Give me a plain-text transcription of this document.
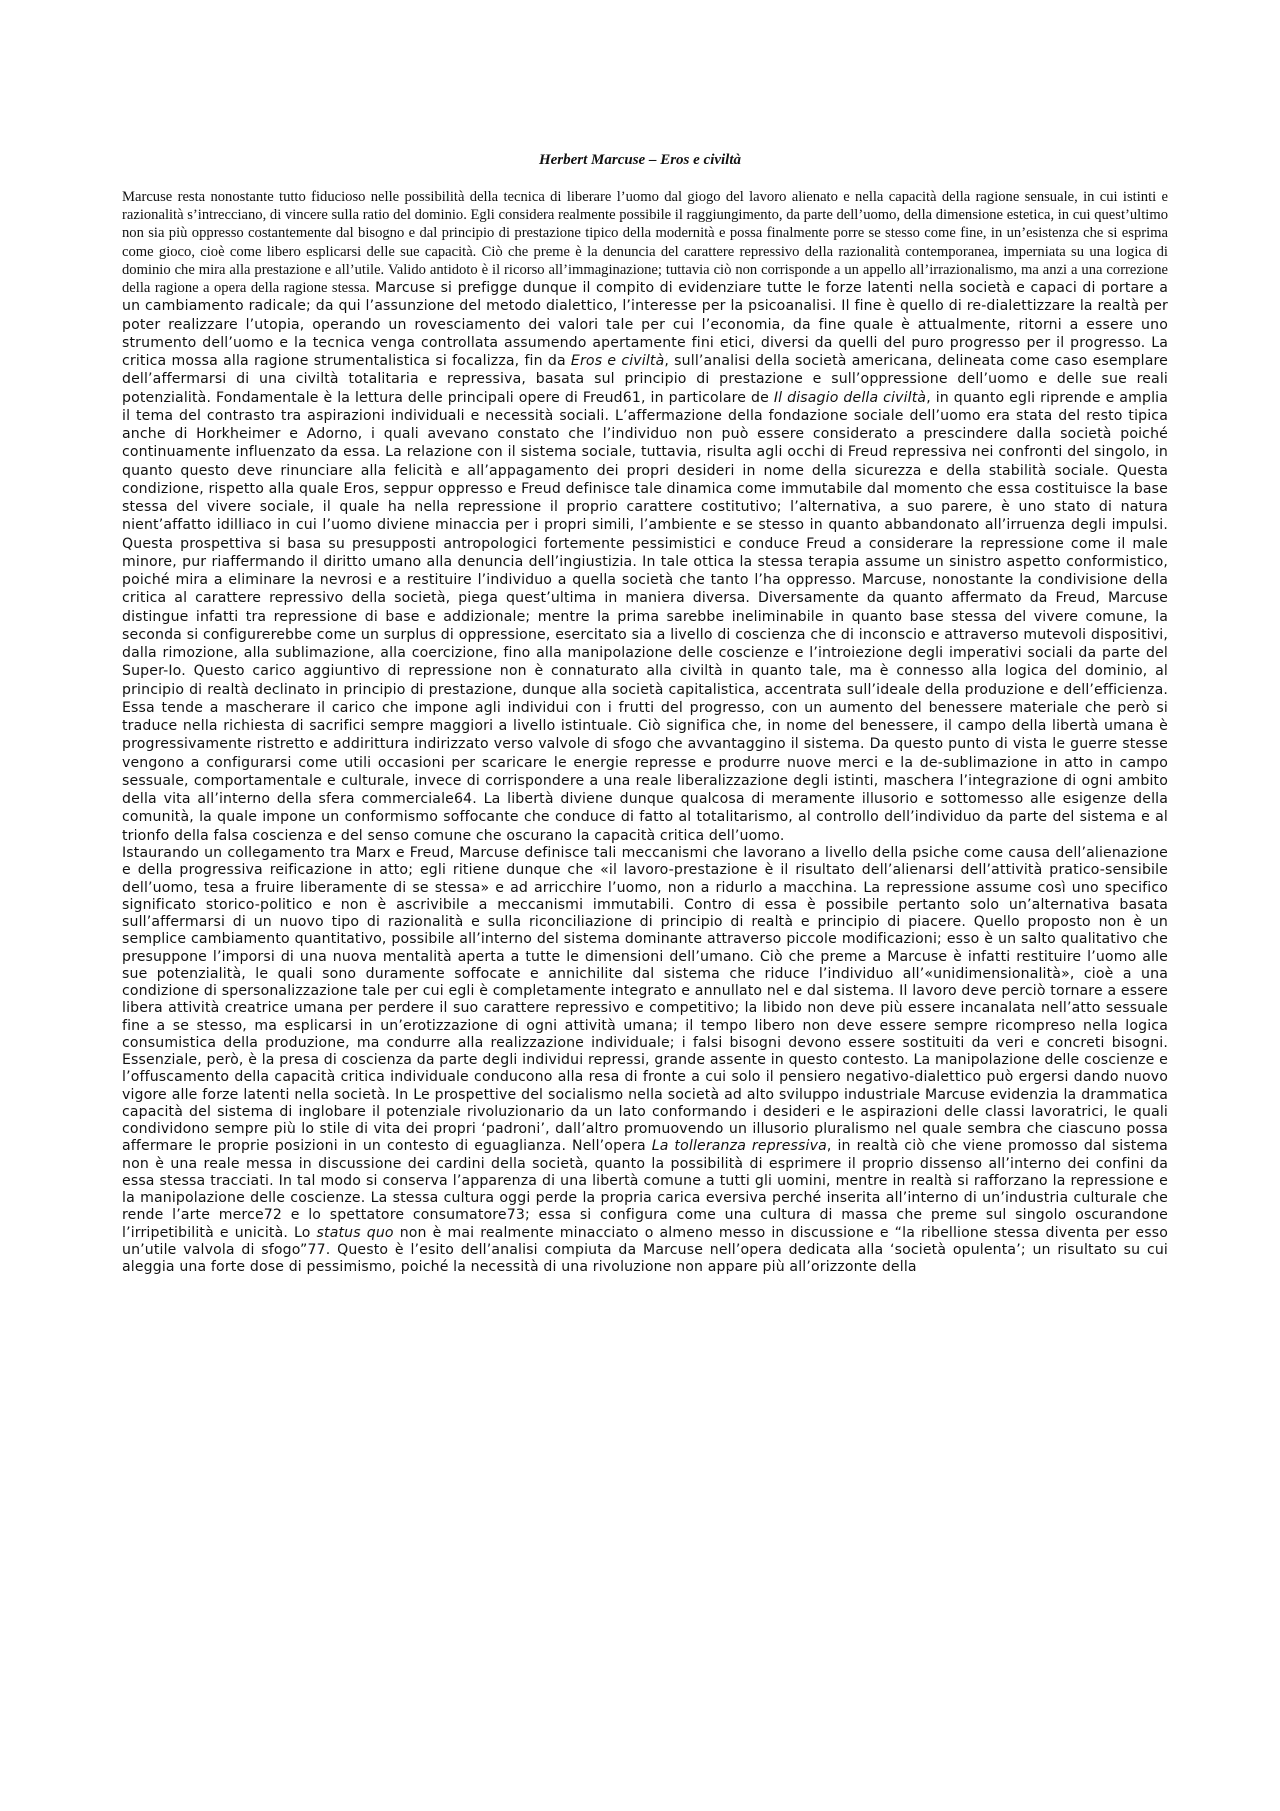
Herbert Marcuse – Eros e civiltà

Marcuse resta nonostante tutto fiducioso nelle possibilità della tecnica di liberare l’uomo dal giogo del lavoro alienato e nella capacità della ragione sensuale, in cui istinti e razionalità s’intrecciano, di vincere sulla ratio del dominio. Egli considera realmente possibile il raggiungimento, da parte dell’uomo, della dimensione estetica, in cui quest’ultimo non sia più oppresso costantemente dal bisogno e dal principio di prestazione tipico della modernità e possa finalmente porre se stesso come fine, in un’esistenza che si esprima come gioco, cioè come libero esplicarsi delle sue capacità. Ciò che preme è la denuncia del carattere repressivo della razionalità contemporanea, imperniata su una logica di dominio che mira alla prestazione e all’utile. Valido antidoto è il ricorso all’immaginazione; tuttavia ciò non corrisponde a un appello all’irrazionalismo, ma anzi a una correzione della ragione a opera della ragione stessa. Marcuse si prefigge dunque il compito di evidenziare tutte le forze latenti nella società e capaci di portare a un cambiamento radicale; da qui l’assunzione del metodo dialettico, l’interesse per la psicoanalisi. Il fine è quello di re-dialettizzare la realtà per poter realizzare l’utopia, operando un rovesciamento dei valori tale per cui l’economia, da fine quale è attualmente, ritorni a essere uno strumento dell’uomo e la tecnica venga controllata assumendo apertamente fini etici, diversi da quelli del puro progresso per il progresso. La critica mossa alla ragione strumentalistica si focalizza, fin da Eros e civiltà, sull’analisi della società americana, delineata come caso esemplare dell’affermarsi di una civiltà totalitaria e repressiva, basata sul principio di prestazione e sull’oppressione dell’uomo e delle sue reali potenzialità. Fondamentale è la lettura delle principali opere di Freud61, in particolare de Il disagio della civiltà, in quanto egli riprende e amplia il tema del contrasto tra aspirazioni individuali e necessità sociali. L’affermazione della fondazione sociale dell’uomo era stata del resto tipica anche di Horkheimer e Adorno, i quali avevano constato che l’individuo non può essere considerato a prescindere dalla società poiché continuamente influenzato da essa. La relazione con il sistema sociale, tuttavia, risulta agli occhi di Freud repressiva nei confronti del singolo, in quanto questo deve rinunciare alla felicità e all’appagamento dei propri desideri in nome della sicurezza e della stabilità sociale. Questa condizione, rispetto alla quale Eros, seppur oppresso e Freud definisce tale dinamica come immutabile dal momento che essa costituisce la base stessa del vivere sociale, il quale ha nella repressione il proprio carattere costitutivo; l’alternativa, a suo parere, è uno stato di natura nient’affatto idilliaco in cui l’uomo diviene minaccia per i propri simili, l’ambiente e se stesso in quanto abbandonato all’irruenza degli impulsi. Questa prospettiva si basa su presupposti antropologici fortemente pessimistici e conduce Freud a considerare la repressione come il male minore, pur riaffermando il diritto umano alla denuncia dell’ingiustizia. In tale ottica la stessa terapia assume un sinistro aspetto conformistico, poiché mira a eliminare la nevrosi e a restituire l’individuo a quella società che tanto l’ha oppresso. Marcuse, nonostante la condivisione della critica al carattere repressivo della società, piega quest’ultima in maniera diversa. Diversamente da quanto affermato da Freud, Marcuse distingue infatti tra repressione di base e addizionale; mentre la prima sarebbe ineliminabile in quanto base stessa del vivere comune, la seconda si configurerebbe come un surplus di oppressione, esercitato sia a livello di coscienza che di inconscio e attraverso mutevoli dispositivi, dalla rimozione, alla sublimazione, alla coercizione, fino alla manipolazione delle coscienze e l’introiezione degli imperativi sociali da parte del Super-Io. Questo carico aggiuntivo di repressione non è connaturato alla civiltà in quanto tale, ma è connesso alla logica del dominio, al principio di realtà declinato in principio di prestazione, dunque alla società capitalistica, accentrata sull’ideale della produzione e dell’efficienza. Essa tende a mascherare il carico che impone agli individui con i frutti del progresso, con un aumento del benessere materiale che però si traduce nella richiesta di sacrifici sempre maggiori a livello istintuale. Ciò significa che, in nome del benessere, il campo della libertà umana è progressivamente ristretto e addirittura indirizzato verso valvole di sfogo che avvantaggino il sistema. Da questo punto di vista le guerre stesse vengono a configurarsi come utili occasioni per scaricare le energie represse e produrre nuove merci e la de-sublimazione in atto in campo sessuale, comportamentale e culturale, invece di corrispondere a una reale liberalizzazione degli istinti, maschera l’integrazione di ogni ambito della vita all’interno della sfera commerciale64. La libertà diviene dunque qualcosa di meramente illusorio e sottomesso alle esigenze della comunità, la quale impone un conformismo soffocante che conduce di fatto al totalitarismo, al controllo dell’individuo da parte del sistema e al trionfo della falsa coscienza e del senso comune che oscurano la capacità critica dell’uomo.

Istaurando un collegamento tra Marx e Freud, Marcuse definisce tali meccanismi che lavorano a livello della psiche come causa dell’alienazione e della progressiva reificazione in atto; egli ritiene dunque che «il lavoro-prestazione è il risultato dell’alienarsi dell’attività pratico-sensibile dell’uomo, tesa a fruire liberamente di se stessa» e ad arricchire l’uomo, non a ridurlo a macchina. La repressione assume così uno specifico significato storico-politico e non è ascrivibile a meccanismi immutabili. Contro di essa è possibile pertanto solo un’alternativa basata sull’affermarsi di un nuovo tipo di razionalità e sulla riconciliazione di principio di realtà e principio di piacere. Quello proposto non è un semplice cambiamento quantitativo, possibile all’interno del sistema dominante attraverso piccole modificazioni; esso è un salto qualitativo che presuppone l’imporsi di una nuova mentalità aperta a tutte le dimensioni dell’umano. Ciò che preme a Marcuse è infatti restituire l’uomo alle sue potenzialità, le quali sono duramente soffocate e annichilite dal sistema che riduce l’individuo all’«unidimensionalità», cioè a una condizione di spersonalizzazione tale per cui egli è completamente integrato e annullato nel e dal sistema. Il lavoro deve perciò tornare a essere libera attività creatrice umana per perdere il suo carattere repressivo e competitivo; la libido non deve più essere incanalata nell’atto sessuale fine a se stesso, ma esplicarsi in un’erotizzazione di ogni attività umana; il tempo libero non deve essere sempre ricompreso nella logica consumistica della produzione, ma condurre alla realizzazione individuale; i falsi bisogni devono essere sostituiti da veri e concreti bisogni. Essenziale, però, è la presa di coscienza da parte degli individui repressi, grande assente in questo contesto. La manipolazione delle coscienze e l’offuscamento della capacità critica individuale conducono alla resa di fronte a cui solo il pensiero negativo-dialettico può ergersi dando nuovo vigore alle forze latenti nella società. In Le prospettive del socialismo nella società ad alto sviluppo industriale Marcuse evidenzia la drammatica capacità del sistema di inglobare il potenziale rivoluzionario da un lato conformando i desideri e le aspirazioni delle classi lavoratrici, le quali condividono sempre più lo stile di vita dei propri ‘padroni’, dall’altro promuovendo un illusorio pluralismo nel quale sembra che ciascuno possa affermare le proprie posizioni in un contesto di eguaglianza. Nell’opera La tolleranza repressiva, in realtà ciò che viene promosso dal sistema non è una reale messa in discussione dei cardini della società, quanto la possibilità di esprimere il proprio dissenso all’interno dei confini da essa stessa tracciati. In tal modo si conserva l’apparenza di una libertà comune a tutti gli uomini, mentre in realtà si rafforzano la repressione e la manipolazione delle coscienze. La stessa cultura oggi perde la propria carica eversiva perché inserita all’interno di un’industria culturale che rende l’arte merce72 e lo spettatore consumatore73; essa si configura come una cultura di massa che preme sul singolo oscurandone l’irripetibilità e unicità. Lo status quo non è mai realmente minacciato o almeno messo in discussione e “la ribellione stessa diventa per esso un’utile valvola di sfogo”77. Questo è l’esito dell’analisi compiuta da Marcuse nell’opera dedicata alla ‘società opulenta’; un risultato su cui aleggia una forte dose di pessimismo, poiché la necessità di una rivoluzione non appare più all’orizzonte della
